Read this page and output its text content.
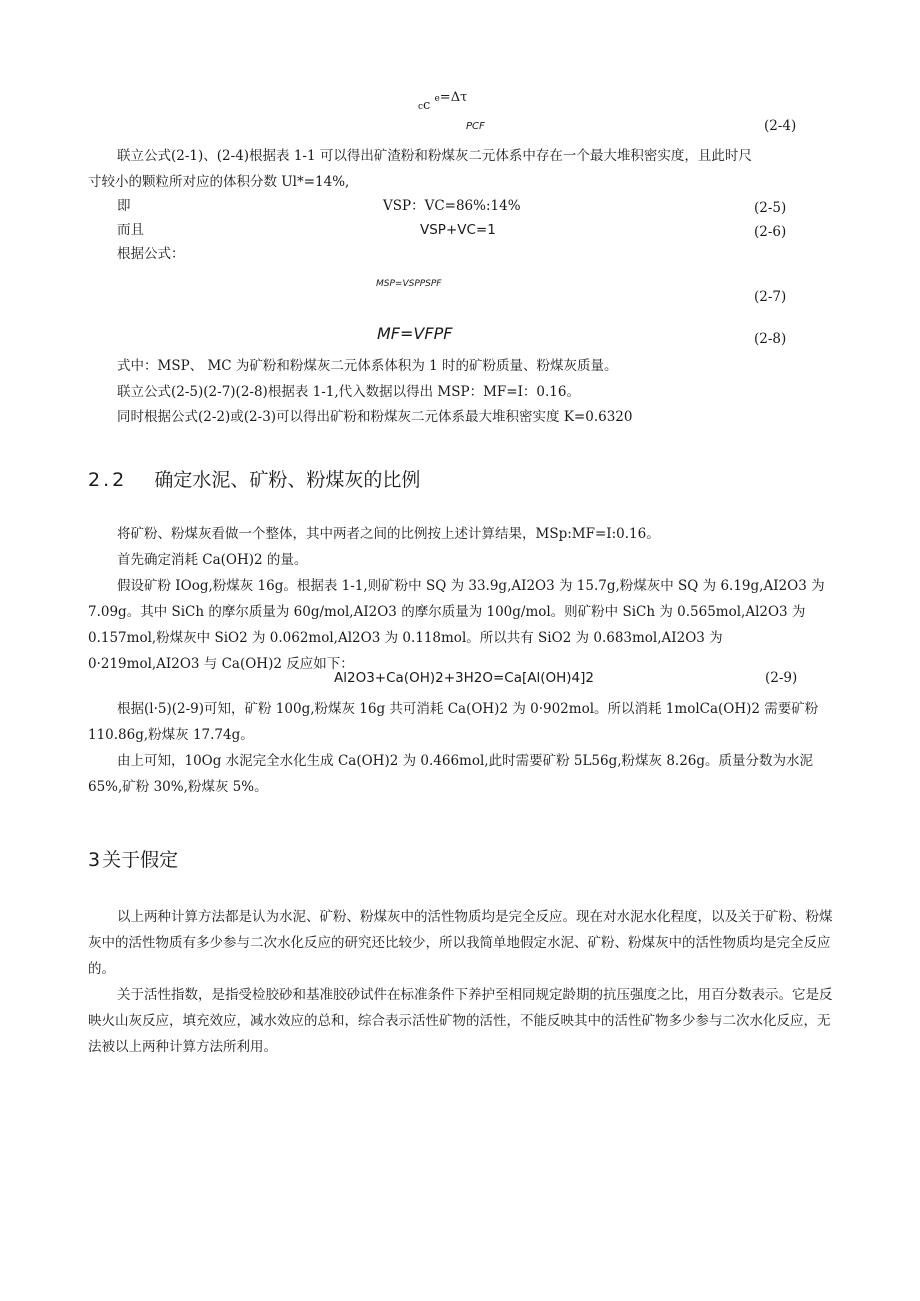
$_c$c e=Δτ
PCF	(2-4)
联立公式(2-1)、(2-4)根据表 1-1 可以得出矿渣粉和粉煤灰二元体系中存在一个最大堆积密实度，且此时尺
寸较小的颗粒所对应的体积分数 Ul*=14%,
即	VSP：VC=86%:14%	(2-5)
而且	VSP+VC=1	(2-6)
根据公式：
MSP=VSPPSPF
(2-7)
MF=VFPF	(2-8)
式中：MSP、 MC 为矿粉和粉煤灰二元体系体积为 1 时的矿粉质量、粉煤灰质量。
联立公式(2-5)(2-7)(2-8)根据表 1-1,代入数据以得出 MSP：MF=I：0.16。
同时根据公式(2-2)或(2-3)可以得出矿粉和粉煤灰二元体系最大堆积密实度 K=0.6320
2.2 确定水泥、矿粉、粉煤灰的比例

将矿粉、粉煤灰看做一个整体，其中两者之间的比例按上述计算结果，MSp:MF=I:0.16。

首先确定消耗 Ca(OH)2 的量。

假设矿粉 IOog,粉煤灰 16g。根据表 1-1,则矿粉中 SQ 为 33.9g,AI2O3 为 15.7g,粉煤灰中 SQ 为 6.19g,AI2O3 为 7.09g。其中 SiCh 的摩尔质量为 60g/mol,AI2O3 的摩尔质量为 100g/mol。则矿粉中 SiCh 为 0.565mol,Al2O3 为 0.157mol,粉煤灰中 SiO2 为 0.062mol,Al2O3 为 0.118mol。所以共有 SiO2 为 0.683mol,AI2O3 为 0·219mol,AI2O3 与 Ca(OH)2 反应如下：

Al2O3+Ca(OH)2+3H2O=Ca[Al(OH)4]2	(2-9)

根据(l·5)(2-9)可知，矿粉 100g,粉煤灰 16g 共可消耗 Ca(OH)2 为 0·902mol。所以消耗 1molCa(OH)2 需要矿粉 110.86g,粉煤灰 17.74g。

由上可知，10Og 水泥完全水化生成 Ca(OH)2 为 0.466mol,此时需要矿粉 5L56g,粉煤灰 8.26g。质量分数为水泥 65%,矿粉 30%,粉煤灰 5%。

3 关于假定

以上两种计算方法都是认为水泥、矿粉、粉煤灰中的活性物质均是完全反应。现在对水泥水化程度，以及关于矿粉、粉煤灰中的活性物质有多少参与二次水化反应的研究还比较少，所以我简单地假定水泥、矿粉、粉煤灰中的活性物质均是完全反应的。

关于活性指数，是指受检胶砂和基准胶砂试件在标准条件下养护至相同规定龄期的抗压强度之比，用百分数表示。它是反映火山灰反应，填充效应，减水效应的总和，综合表示活性矿物的活性，不能反映其中的活性矿物多少参与二次水化反应，无法被以上两种计算方法所利用。
